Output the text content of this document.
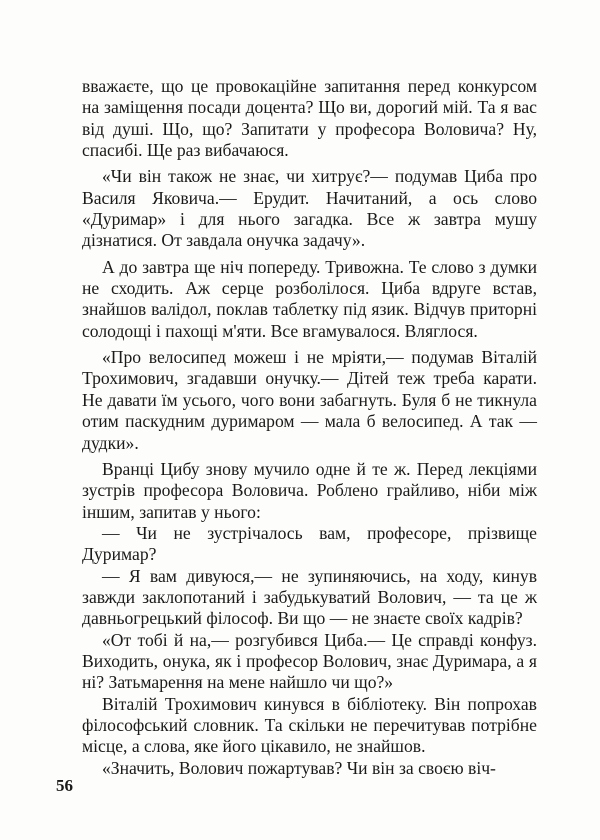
вважаєте, що це провокаційне запитання перед конкурсом на заміщення посади доцента? Що ви, дорогий мій. Та я вас від душі. Що, що? Запитати у професора Воловича? Ну, спасибі. Ще раз вибачаюся.

«Чи він також не знає, чи хитрує?— подумав Циба про Василя Яковича.— Ерудит. Начитаний, а ось слово «Дуримар» і для нього загадка. Все ж завтра мушу дізнатися. От завдала онучка задачу».

А до завтра ще ніч попереду. Тривожна. Те слово з думки не сходить. Аж серце розболілося. Циба вдруге встав, знайшов валідол, поклав таблетку під язик. Відчув приторні солодощі і пахощі м'яти. Все вгамувалося. Вляглося.

«Про велосипед можеш і не мріяти,— подумав Віталій Трохимович, згадавши онучку.— Дітей теж треба карати. Не давати їм усього, чого вони забагнуть. Буля б не тикнула отим паскудним дуримаром — мала б велосипед. А так — дудки».

Вранці Цибу знову мучило одне й те ж. Перед лекціями зустрів професора Воловича. Роблено грайливо, ніби між іншим, запитав у нього:

— Чи не зустрічалось вам, професоре, прізвище Дуримар?

— Я вам дивуюся,— не зупиняючись, на ходу, кинув завжди заклопотаний і забудькуватий Волович, — та це ж давньогрецький філософ. Ви що — не знаєте своїх кадрів?

«От тобі й на,— розгубився Циба.— Це справді конфуз. Виходить, онука, як і професор Волович, знає Дуримара, а я ні? Затьмарення на мене найшло чи що?»

Віталій Трохимович кинувся в бібліотеку. Він попрохав філософський словник. Та скільки не перечитував потрібне місце, а слова, яке його цікавило, не знайшов.

«Значить, Волович пожартував? Чи він за своєю віч-

56
